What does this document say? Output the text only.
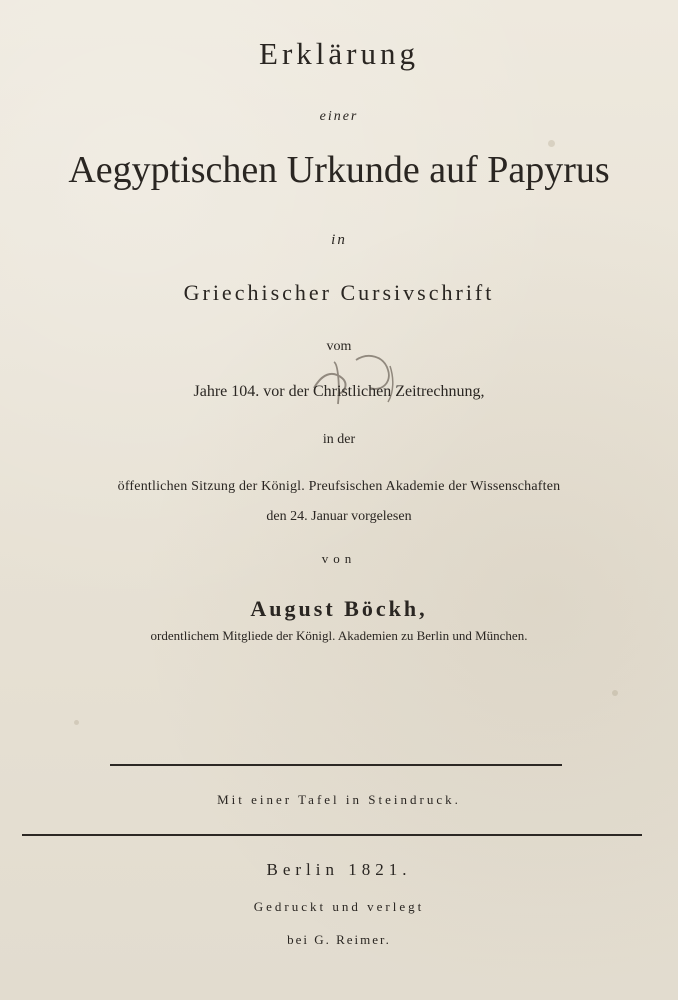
Erklärung
einer
Aegyptischen Urkunde auf Papyrus
in
Griechischer Cursivschrift
vom
Jahre 104. vor der Christlichen Zeitrechnung,
in der
öffentlichen Sitzung der Königl. Preufsischen Akademie der Wissenschaften
den 24. Januar vorgelesen
von
August Böckh,
ordentlichem Mitgliede der Königl. Akademien zu Berlin und München.
Mit einer Tafel in Steindruck.
Berlin 1821.
Gedruckt und verlegt
bei G. Reimer.
